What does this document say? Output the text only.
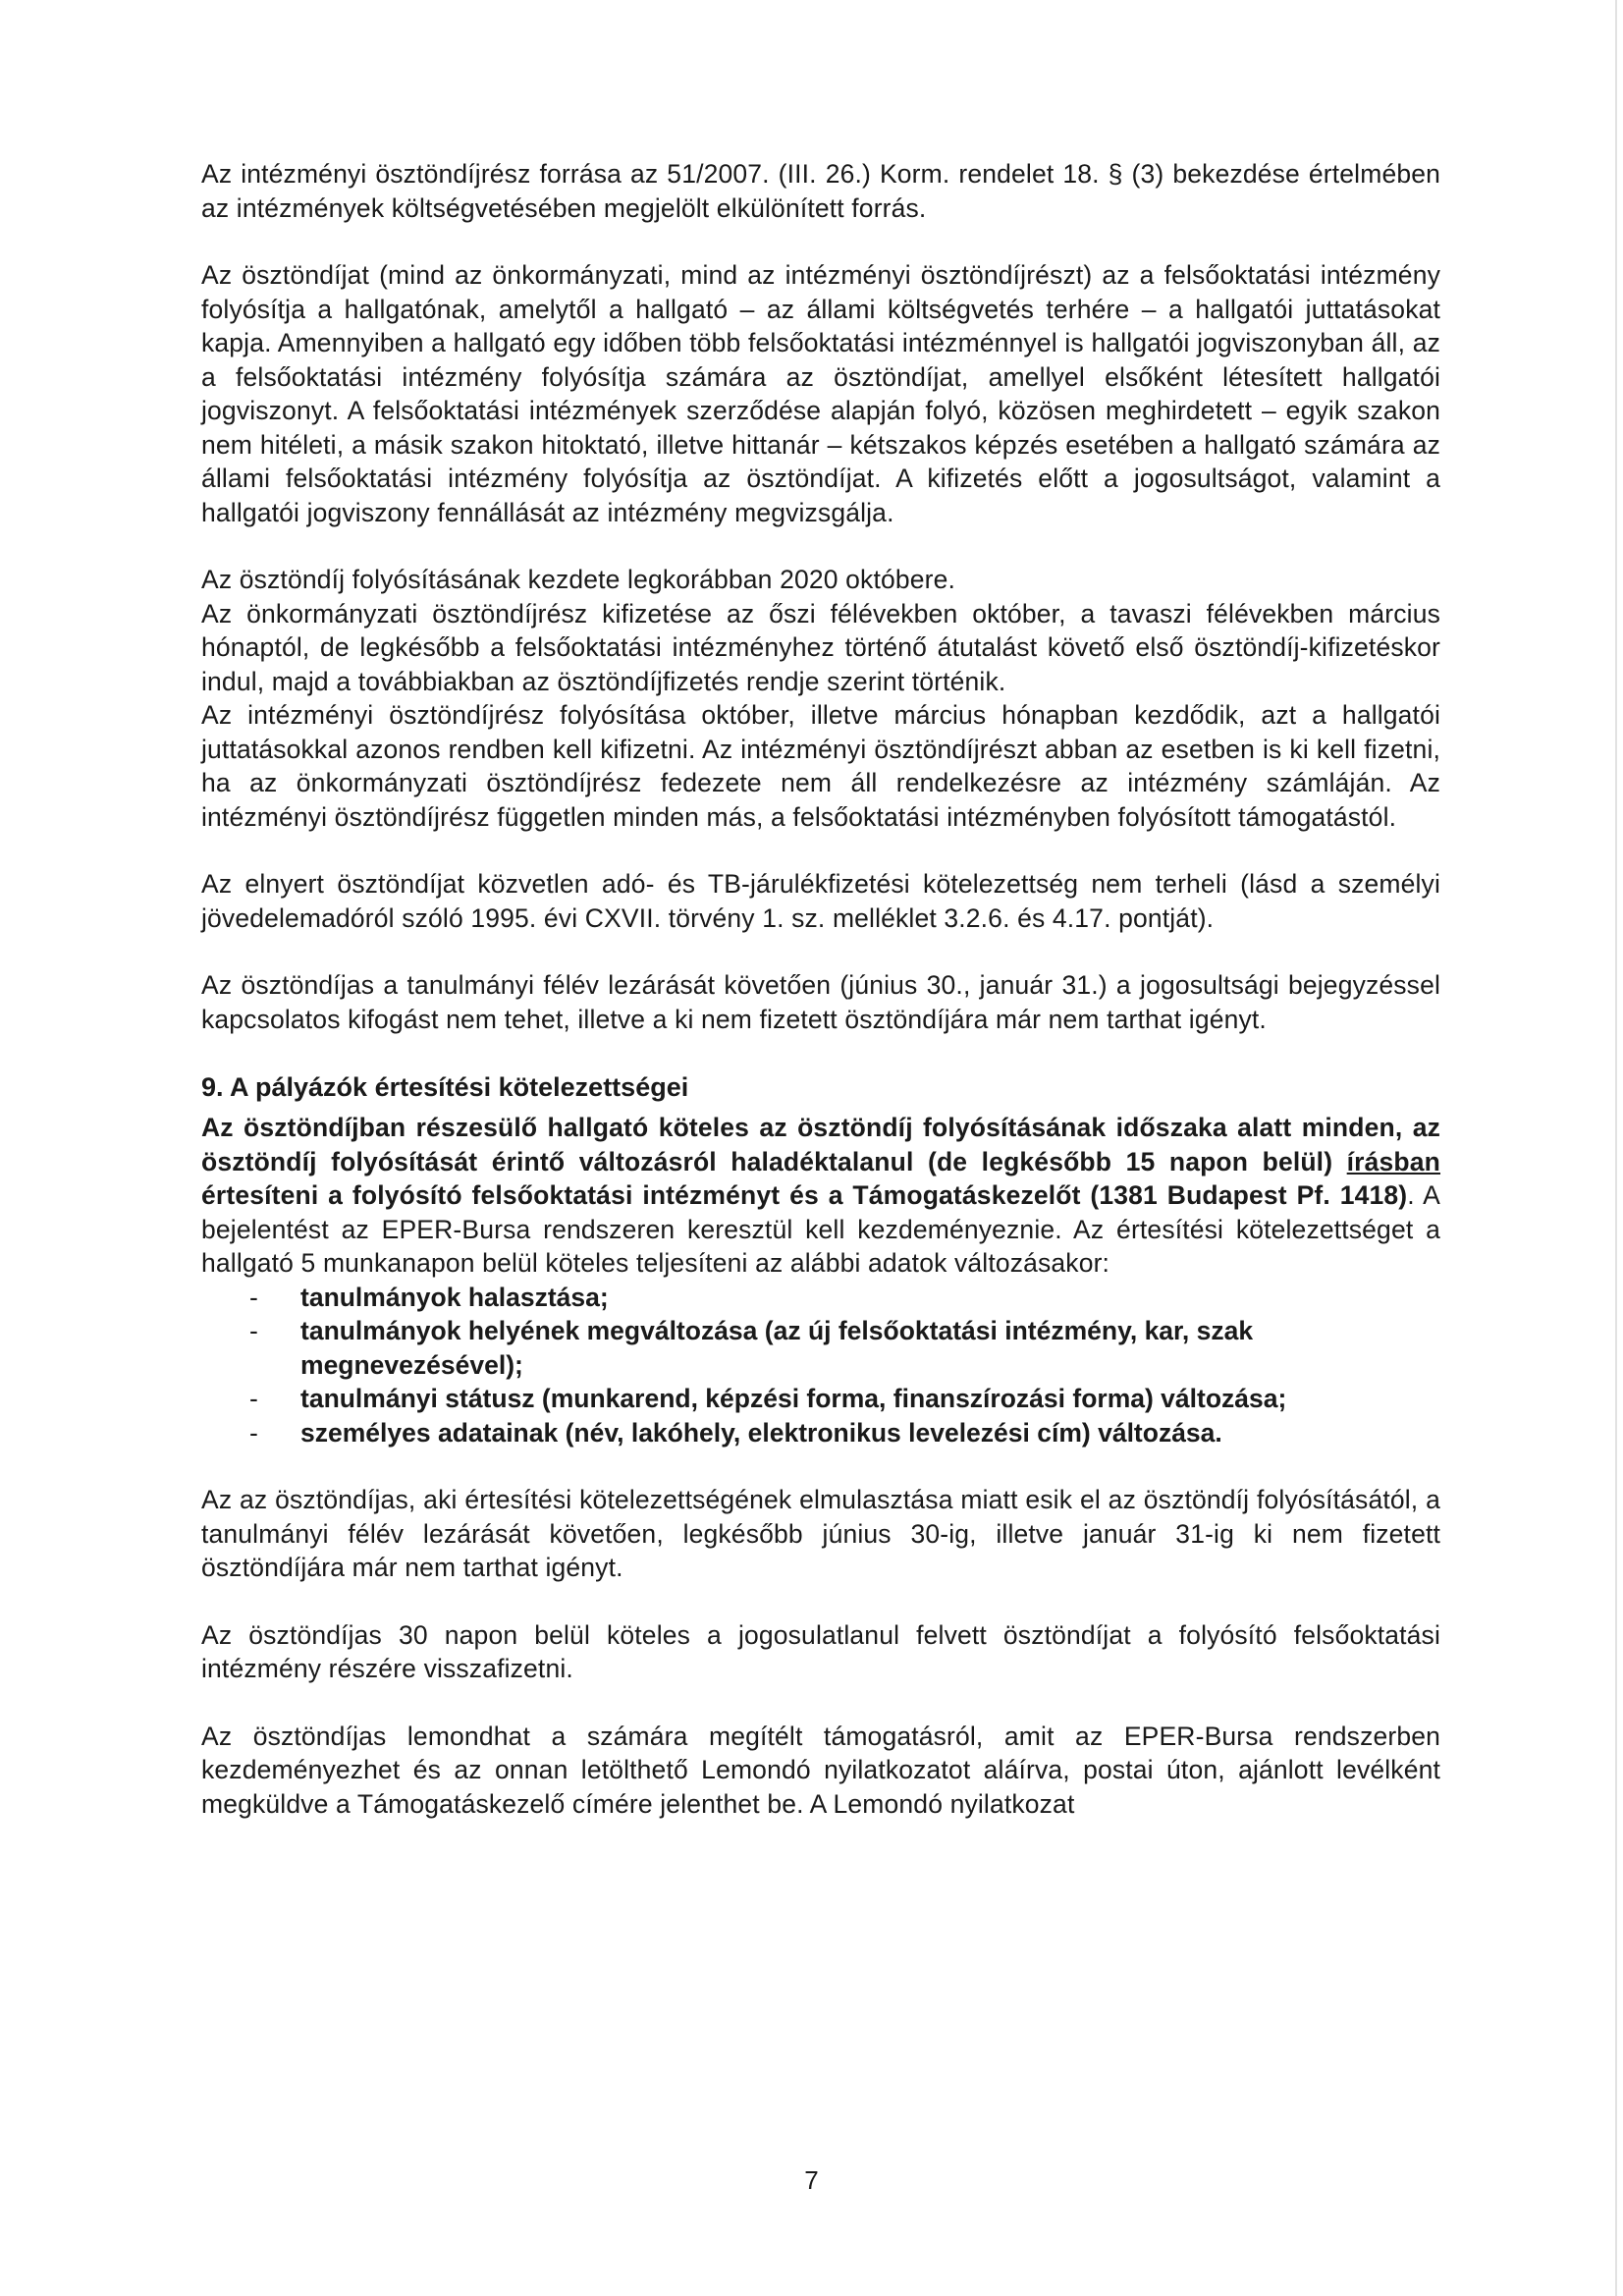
Az intézményi ösztöndíjrész forrása az 51/2007. (III. 26.) Korm. rendelet 18. § (3) bekezdése értelmében az intézmények költségvetésében megjelölt elkülönített forrás.

Az ösztöndíjat (mind az önkormányzati, mind az intézményi ösztöndíjrészt) az a felsőoktatási intézmény folyósítja a hallgatónak, amelytől a hallgató – az állami költségvetés terhére – a hallgatói juttatásokat kapja. Amennyiben a hallgató egy időben több felsőoktatási intézménnyel is hallgatói jogviszonyban áll, az a felsőoktatási intézmény folyósítja számára az ösztöndíjat, amellyel elsőként létesített hallgatói jogviszonyt. A felsőoktatási intézmények szerződése alapján folyó, közösen meghirdetett – egyik szakon nem hitéleti, a másik szakon hitoktató, illetve hittanár – kétszakos képzés esetében a hallgató számára az állami felsőoktatási intézmény folyósítja az ösztöndíjat. A kifizetés előtt a jogosultságot, valamint a hallgatói jogviszony fennállását az intézmény megvizsgálja.

Az ösztöndíj folyósításának kezdete legkorábban 2020 októbere.

Az önkormányzati ösztöndíjrész kifizetése az őszi félévekben október, a tavaszi félévekben március hónaptól, de legkésőbb a felsőoktatási intézményhez történő átutalást követő első ösztöndíj-kifizetéskor indul, majd a továbbiakban az ösztöndíjfizetés rendje szerint történik.

Az intézményi ösztöndíjrész folyósítása október, illetve március hónapban kezdődik, azt a hallgatói juttatásokkal azonos rendben kell kifizetni. Az intézményi ösztöndíjrészt abban az esetben is ki kell fizetni, ha az önkormányzati ösztöndíjrész fedezete nem áll rendelkezésre az intézmény számláján. Az intézményi ösztöndíjrész független minden más, a felsőoktatási intézményben folyósított támogatástól.

Az elnyert ösztöndíjat közvetlen adó- és TB-járulékfizetési kötelezettség nem terheli (lásd a személyi jövedelemadóról szóló 1995. évi CXVII. törvény 1. sz. melléklet 3.2.6. és 4.17. pontját).

Az ösztöndíjas a tanulmányi félév lezárását követően (június 30., január 31.) a jogosultsági bejegyzéssel kapcsolatos kifogást nem tehet, illetve a ki nem fizetett ösztöndíjára már nem tarthat igényt.

9. A pályázók értesítési kötelezettségei

Az ösztöndíjban részesülő hallgató köteles az ösztöndíj folyósításának időszaka alatt minden, az ösztöndíj folyósítását érintő változásról haladéktalanul (de legkésőbb 15 napon belül) írásban értesíteni a folyósító felsőoktatási intézményt és a Támogatáskezelőt (1381 Budapest Pf. 1418). A bejelentést az EPER-Bursa rendszeren keresztül kell kezdeményeznie. Az értesítési kötelezettséget a hallgató 5 munkanapon belül köteles teljesíteni az alábbi adatok változásakor:

- tanulmányok halasztása;
- tanulmányok helyének megváltozása (az új felsőoktatási intézmény, kar, szak megnevezésével);
- tanulmányi státusz (munkarend, képzési forma, finanszírozási forma) változása;
- személyes adatainak (név, lakóhely, elektronikus levelezési cím) változása.

Az az ösztöndíjas, aki értesítési kötelezettségének elmulasztása miatt esik el az ösztöndíj folyósításától, a tanulmányi félév lezárását követően, legkésőbb június 30-ig, illetve január 31-ig ki nem fizetett ösztöndíjára már nem tarthat igényt.

Az ösztöndíjas 30 napon belül köteles a jogosulatlanul felvett ösztöndíjat a folyósító felsőoktatási intézmény részére visszafizetni.

Az ösztöndíjas lemondhat a számára megítélt támogatásról, amit az EPER-Bursa rendszerben kezdeményezhet és az onnan letölthető Lemondó nyilatkozatot aláírva, postai úton, ajánlott levélként megküldve a Támogatáskezelő címére jelenthet be. A Lemondó nyilatkozat

7
